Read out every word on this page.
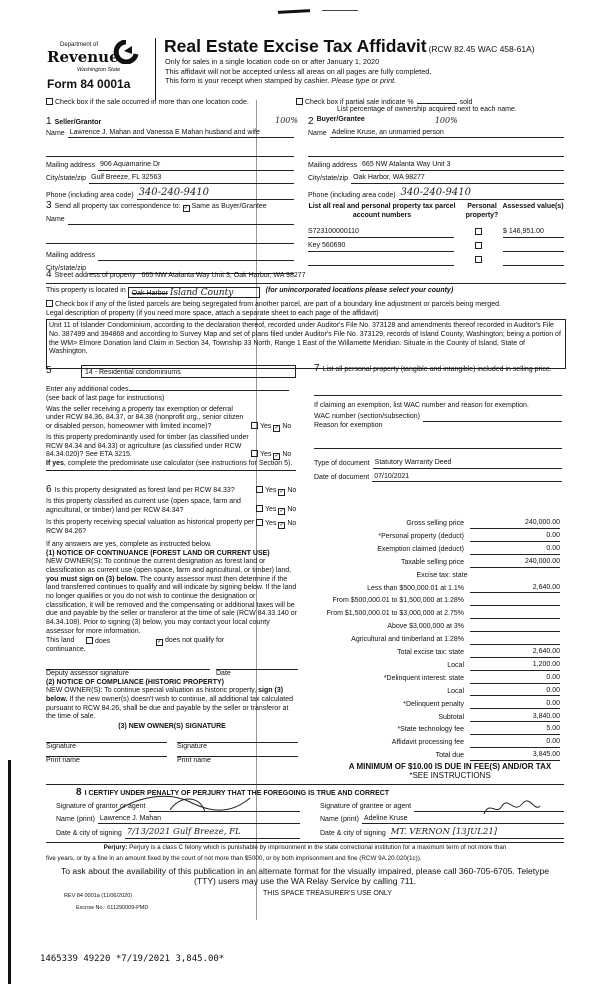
Department of
Revenue
Washington State
Form 84 0001a
Real Estate Excise Tax Affidavit (RCW 82.45 WAC 458-61A)
Only for sales in a single location code on or after January 1, 2020
This affidavit will not be accepted unless all areas on all pages are fully completed.
This form is your receipt when stamped by cashier. Please type or print.
Check box if the sale occurred in more than one location code.	Check box if partial sale indicate %	sold
List percentage of ownership acquired next to each name.
1 Seller/Grantor	100%
Name Lawrence J. Mahan and Vanessa E Mahan husband and wife
Mailing address 906 Aquamarine Dr
City/state/zip Gulf Breeze, FL 32563
Phone (including area code) 340-240-9410
2 Buyer/Grantee	100%
Name Adeline Kruse, an unmarried person
Mailing address 665 NW Atalanta Way Unit 3
City/state/zip Oak Harbor, WA 98277
Phone (including area code) 340-240-9410
3 Send all property tax correspondence to: ✓ Same as Buyer/Grantee
Name
Mailing address
City/state/zip
List all real and personal property tax parcel account numbers
Personal property?
Assessed value(s)
S723100000110	$ 146,951.00
Key 560690
4 Street address of property 665 NW Atalanta Way Unit 3, Oak Harbor, WA 98277
This property is located in Oak Harbor Island County	(for unincorporated locations please select your county)
Check box if any of the listed parcels are being segregated from another parcel, are part of a boundary line adjustment or parcels being merged.
Legal description of property (if you need more space, attach a separate sheet to each page of the affidavit)
Unit 11 of Islander Condominium, according to the declaration thereof, recorded under Auditor's File No. 373128 and amendments thereof recorded in Auditor's File No. 387499 and 394868 and according to Survey Map and set of plans filed under Auditor's File No. 373129, records of Island County, Washington; being a portion of the WM> Elmore Donation land Claim in Section 34, Township 33 North, Range 1 East of the Willamette Meridian. Situate in the County of Island, State of Washington.
5	14 - Residential condominiums
Enter any additional codes
(see back of last page for instructions)
Was the seller receiving a property tax exemption or deferral under RCW 84.36, 84.37, or 84.38 (nonprofit org., senior citizen or disabled person, homeowner with limited income)?	Yes ✓ No
Is this property predominantly used for timber (as classified under RCW 84.34 and 84.33) or agriculture (as classified under RCW 84.34.020)? See ETA 3215.	Yes ✓ No
If yes, complete the predominate use calculator (see instructions for Section 5).
6 Is this property designated as forest land per RCW 84.33?	Yes ✓ No
Is this property classified as current use (open space, farm and agricultural, or timber) land per RCW 84.34?	Yes ✓ No
Is this property receiving special valuation as historical property per RCW 84.26?
Yes ✓ No
If any answers are yes, complete as instructed below.
(1) NOTICE OF CONTINUANCE (FOREST LAND OR CURRENT USE)
NEW OWNER(S): To continue the current designation as forest land or classification as current use (open space, farm and agricultural, or timber) land, you must sign on (3) below. The county assessor must then determine if the land transferred continues to qualify and will indicate by signing below. If the land no longer qualifies or you do not wish to continue the designation or classification, it will be removed and the compensating or additional taxes will be due and payable by the seller or transferor at the time of sale (RCW 84.33.140 or 84.34.108). Prior to signing (3) below, you may contact your local county assessor for more information.
This land	does	✓ does not qualify for
continuance.
Deputy assessor signature	Date
(2) NOTICE OF COMPLIANCE (HISTORIC PROPERTY)
NEW OWNER(S): To continue special valuation as historic property, sign (3) below. If the new owner(s) doesn't wish to continue, all additional tax calculated pursuant to RCW 84.26, shall be due and payable by the seller or transferor at the time of sale.
(3) NEW OWNER(S) SIGNATURE
Signature	Signature
Print name	Print name
7 List all personal property (tangible and intangible) included in selling price.
If claiming an exemption, list WAC number and reason for exemption.
WAC number (section/subsection)
Reason for exemption
Type of document Statutory Warranty Deed
Date of document 07/10/2021
Gross selling price	240,000.00
*Personal property (deduct)	0.00
Exemption claimed (deduct)	0.00
Taxable selling price	240,000.00
Excise tax: state
Less than $500,000.01 at 1.1%	2,640.00
From $500,000.01 to $1,500,000 at 1.28%
From $1,500,000.01 to $3,000,000 at 2.75%
Above $3,000,000 at 3%
Agricultural and timberland at 1.28%
Total excise tax: state	2,640.00
Local	1,200.00
*Delinquent interest: state	0.00
Local	0.00
*Delinquent penalty	0.00
Subtotal	3,840.00
*State technology fee	5.00
Affidavit processing fee	0.00
Total due	3,845.00
A MINIMUM OF $10.00 IS DUE IN FEE(S) AND/OR TAX
*SEE INSTRUCTIONS
8 I CERTIFY UNDER PENALTY OF PERJURY THAT THE FOREGOING IS TRUE AND CORRECT
Signature of grantor or agent
Name (print) Lawrence J. Mahan
Date & city of signing 7/13/2021 Gulf Breeze, FL
Signature of grantee or agent
Name (print) Adeline Kruse
Date & city of signing MT. VERNON [13JUL21]
Perjury: Perjury is a class C felony which is punishable by imprisonment in the state correctional institution for a maximum term of not more than
five years, or by a fine in an amount fixed by the court of not more than $5000, or by both imprisonment and fine (RCW 9A.20.020(1c)).
To ask about the availability of this publication in an alternate format for the visually impaired, please call 360-705-6705. Teletype (TTY) users may use the WA Relay Service by calling 711.
REV 84 0001a (11/06/2020)	THIS SPACE TREASURER'S USE ONLY
Escrow No.: 611290009-PMD
1465339 49220 *7/19/2021 3,845.00*
